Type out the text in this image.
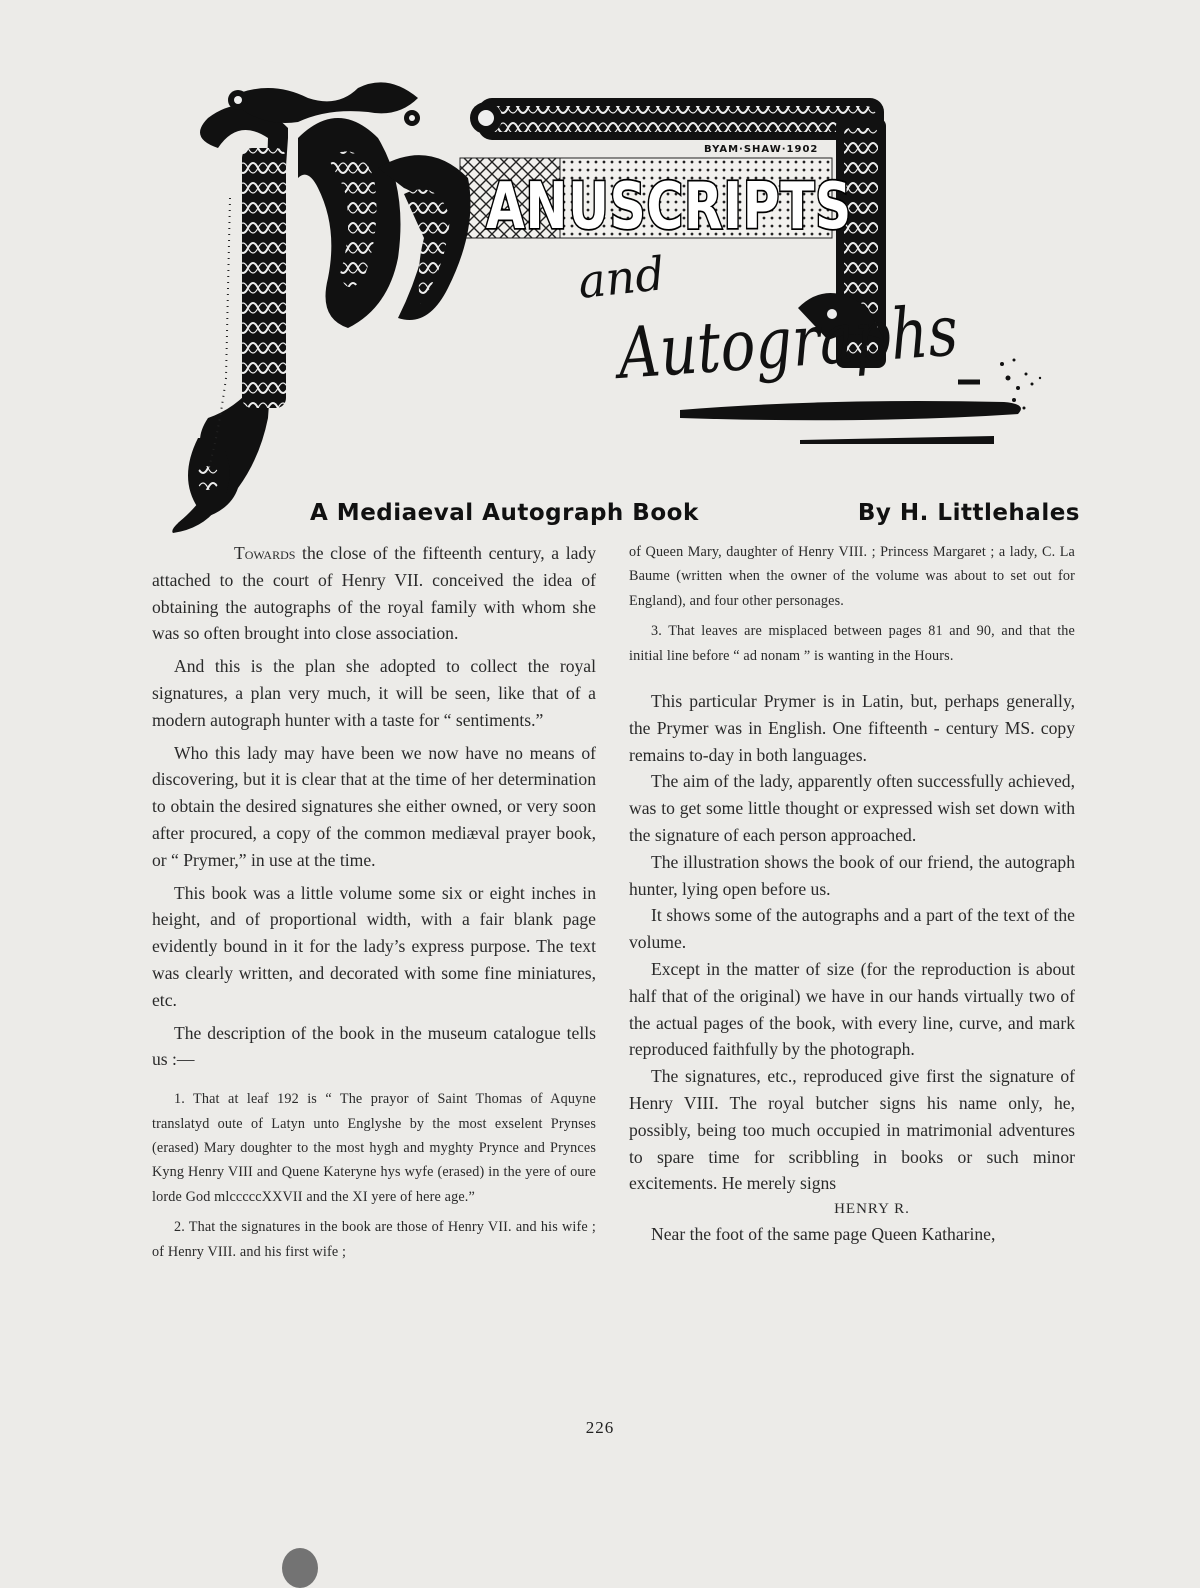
BYAM·SHAW·1902
ANUSCRIPTS
and
Autographs
A Mediaeval Autograph Book	By H. Littlehales

Towards the close of the fifteenth century, a lady attached to the court of Henry VII. conceived the idea of obtaining the autographs of the royal family with whom she was so often brought into close association.

And this is the plan she adopted to collect the royal signatures, a plan very much, it will be seen, like that of a modern autograph hunter with a taste for “ sentiments.”

Who this lady may have been we now have no means of discovering, but it is clear that at the time of her determination to obtain the desired signatures she either owned, or very soon after procured, a copy of the common mediæval prayer book, or “ Prymer,” in use at the time.

This book was a little volume some six or eight inches in height, and of proportional width, with a fair blank page evidently bound in it for the lady’s express purpose. The text was clearly written, and decorated with some fine miniatures, etc.

The description of the book in the museum catalogue tells us :—

1. That at leaf 192 is “ The prayor of Saint Thomas of Aquyne translatyd oute of Latyn unto Englyshe by the most exselent Prynses (erased) Mary doughter to the most hygh and myghty Prynce and Prynces Kyng Henry VIII and Quene Kateryne hys wyfe (erased) in the yere of oure lorde God mlcccccXXVII and the XI yere of here age.”

2. That the signatures in the book are those of Henry VII. and his wife ; of Henry VIII. and his first wife ;

of Queen Mary, daughter of Henry VIII. ; Princess Margaret ; a lady, C. La Baume (written when the owner of the volume was about to set out for England), and four other personages.

3. That leaves are misplaced between pages 81 and 90, and that the initial line before “ ad nonam ” is wanting in the Hours.

This particular Prymer is in Latin, but, perhaps generally, the Prymer was in English. One fifteenth - century MS. copy remains to-day in both languages.

The aim of the lady, apparently often successfully achieved, was to get some little thought or expressed wish set down with the signature of each person approached.

The illustration shows the book of our friend, the autograph hunter, lying open before us.

It shows some of the autographs and a part of the text of the volume.

Except in the matter of size (for the reproduction is about half that of the original) we have in our hands virtually two of the actual pages of the book, with every line, curve, and mark reproduced faithfully by the photograph.

The signatures, etc., reproduced give first the signature of Henry VIII. The royal butcher signs his name only, he, possibly, being too much occupied in matrimonial adventures to spare time for scribbling in books or such minor excitements. He merely signs

HENRY R.

Near the foot of the same page Queen Katharine,

226
